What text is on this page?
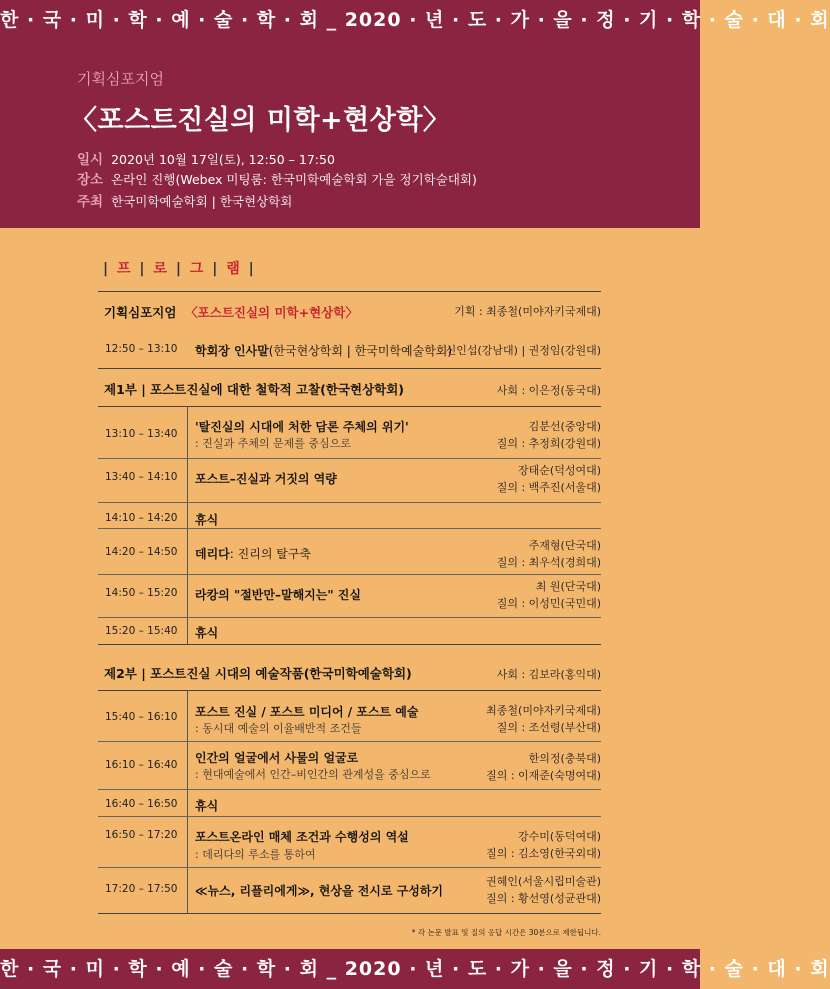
한 · 국 · 미 · 학 · 예 · 술 · 학 · 회 _ 2020 · 년 · 도 · 가 · 을 · 정 · 기 · 학 · 술 · 대 · 회
기획심포지엄
〈포스트진실의 미학+현상학〉
일시 2020년 10월 17일(토), 12:50 – 17:50
장소 온라인 진행(Webex 미팅룸: 한국미학예술학회 가을 정기학술대회)
주최 한국미학예술학회 | 한국현상학회
| 프 | 로 | 그 | 램 |
기획심포지엄 〈포스트진실의 미학+현상학〉	기획 : 최종철(미야자키국제대)
12:50 – 13:10 학회장 인사말(한국현상학회 | 한국미학예술학회)
신인섭(강남대) | 권정임(강원대)
제1부 | 포스트진실에 대한 철학적 고찰(한국현상학회)	사회 : 이은정(동국대)
13:10 – 13:40 '탈진실의 시대에 처한 담론 주체의 위기'
: 진실과 주체의 문제를 중심으로
김분선(중앙대)
질의 : 추정희(강원대)
13:40 – 14:10 포스트–진실과 거짓의 역량
장태순(덕성여대)
질의 : 백주진(서울대)
14:10 – 14:20 휴식
14:20 – 14:50 데리다: 진리의 탈구축
주재형(단국대)
질의 : 최우석(경희대)
14:50 – 15:20 라캉의 "절반만–말해지는" 진실
최 원(단국대)
질의 : 이성민(국민대)
15:20 – 15:40 휴식
제2부 | 포스트진실 시대의 예술작품(한국미학예술학회)	사회 : 김보라(홍익대)
15:40 – 16:10 포스트 진실 / 포스트 미디어 / 포스트 예술
: 동시대 예술의 이율배반적 조건들
최종철(미야자키국제대)
질의 : 조선령(부산대)
16:10 – 16:40 인간의 얼굴에서 사물의 얼굴로
: 현대예술에서 인간–비인간의 관계성을 중심으로
한의정(충북대)
질의 : 이재준(숙명여대)
16:40 – 16:50 휴식
16:50 – 17:20 포스트온라인 매체 조건과 수행성의 역설
: 데리다의 루소를 통하여
강수미(동덕여대)
질의 : 김소영(한국외대)
17:20 – 17:50 ≪뉴스, 리플리에게≫, 현상을 전시로 구성하기
권혜인(서울시립미술관)
질의 : 황선영(성균관대)
* 각 논문 발표 및 질의 응답 시간은 30분으로 제한됩니다.
한 · 국 · 미 · 학 · 예 · 술 · 학 · 회 _ 2020 · 년 · 도 · 가 · 을 · 정 · 기 · 학 · 술 · 대 · 회
